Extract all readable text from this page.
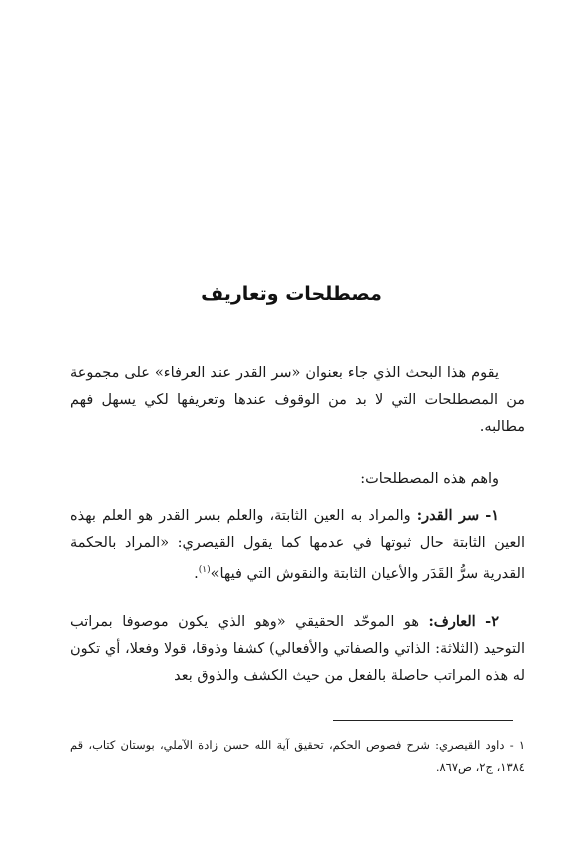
مصطلحات وتعاريف

يقوم هذا البحث الذي جاء بعنوان «سر القدر عند العرفاء» على مجموعة من المصطلحات التي لا بد من الوقوف عندها وتعريفها لكي يسهل فهم مطالبه.

واهم هذه المصطلحات:

١- سر القدر: والمراد به العين الثابتة، والعلم بسر القدر هو العلم بهذه العين الثابتة حال ثبوتها في عدمها كما يقول القيصري: «المراد بالحكمة القدرية سرُّ القَدَر والأعيان الثابتة والنقوش التي فيها»$^{(١)}$.

٢- العارف: هو الموحّد الحقيقي «وهو الذي يكون موصوفا بمراتب التوحيد (الثلاثة: الذاتي والصفاتي والأفعالي) كشفا وذوقا، قولا وفعلا، أي تكون له هذه المراتب حاصلة بالفعل من حيث الكشف والذوق بعد

١ - داود القيصري: شرح فصوص الحكم، تحقيق آية الله حسن زادة الآملي، بوستان كتاب، قم ١٣٨٤، ج٢، ص٨٦٧.
